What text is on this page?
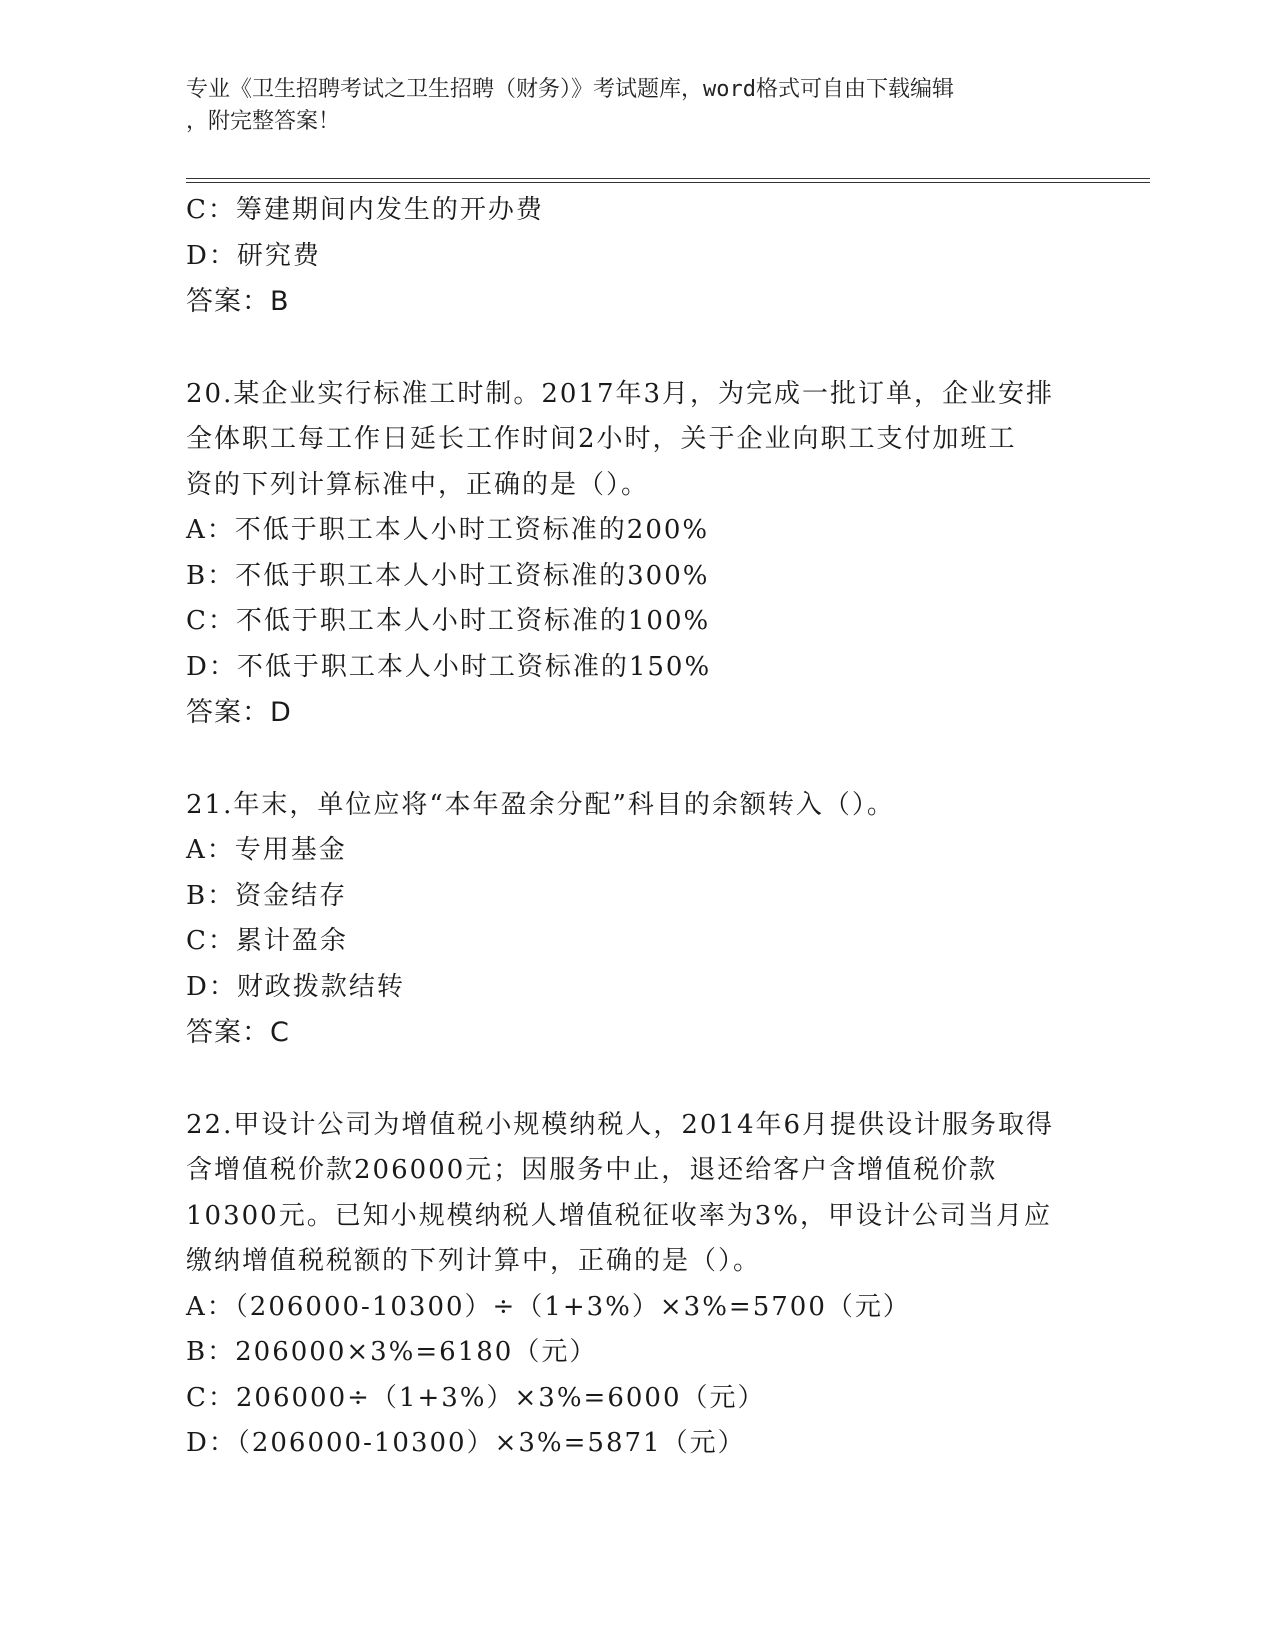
专业《卫生招聘考试之卫生招聘（财务）》考试题库，word格式可自由下载编辑
，附完整答案！
C：筹建期间内发生的开办费
D：研究费
答案：B
20.某企业实行标准工时制。2017年3月，为完成一批订单，企业安排
全体职工每工作日延长工作时间2小时，关于企业向职工支付加班工
资的下列计算标准中，正确的是（）。
A：不低于职工本人小时工资标准的200%
B：不低于职工本人小时工资标准的300%
C：不低于职工本人小时工资标准的100%
D：不低于职工本人小时工资标准的150%
答案：D
21.年末，单位应将“本年盈余分配”科目的余额转入（）。
A：专用基金
B：资金结存
C：累计盈余
D：财政拨款结转
答案：C
22.甲设计公司为增值税小规模纳税人，2014年6月提供设计服务取得
含增值税价款206000元；因服务中止，退还给客户含增值税价款
10300元。已知小规模纳税人增值税征收率为3%，甲设计公司当月应
缴纳增值税税额的下列计算中，正确的是（）。
A：（206000-10300）÷（1+3%）×3%=5700（元）
B：206000×3%=6180（元）
C：206000÷（1+3%）×3%=6000（元）
D：（206000-10300）×3%=5871（元）
